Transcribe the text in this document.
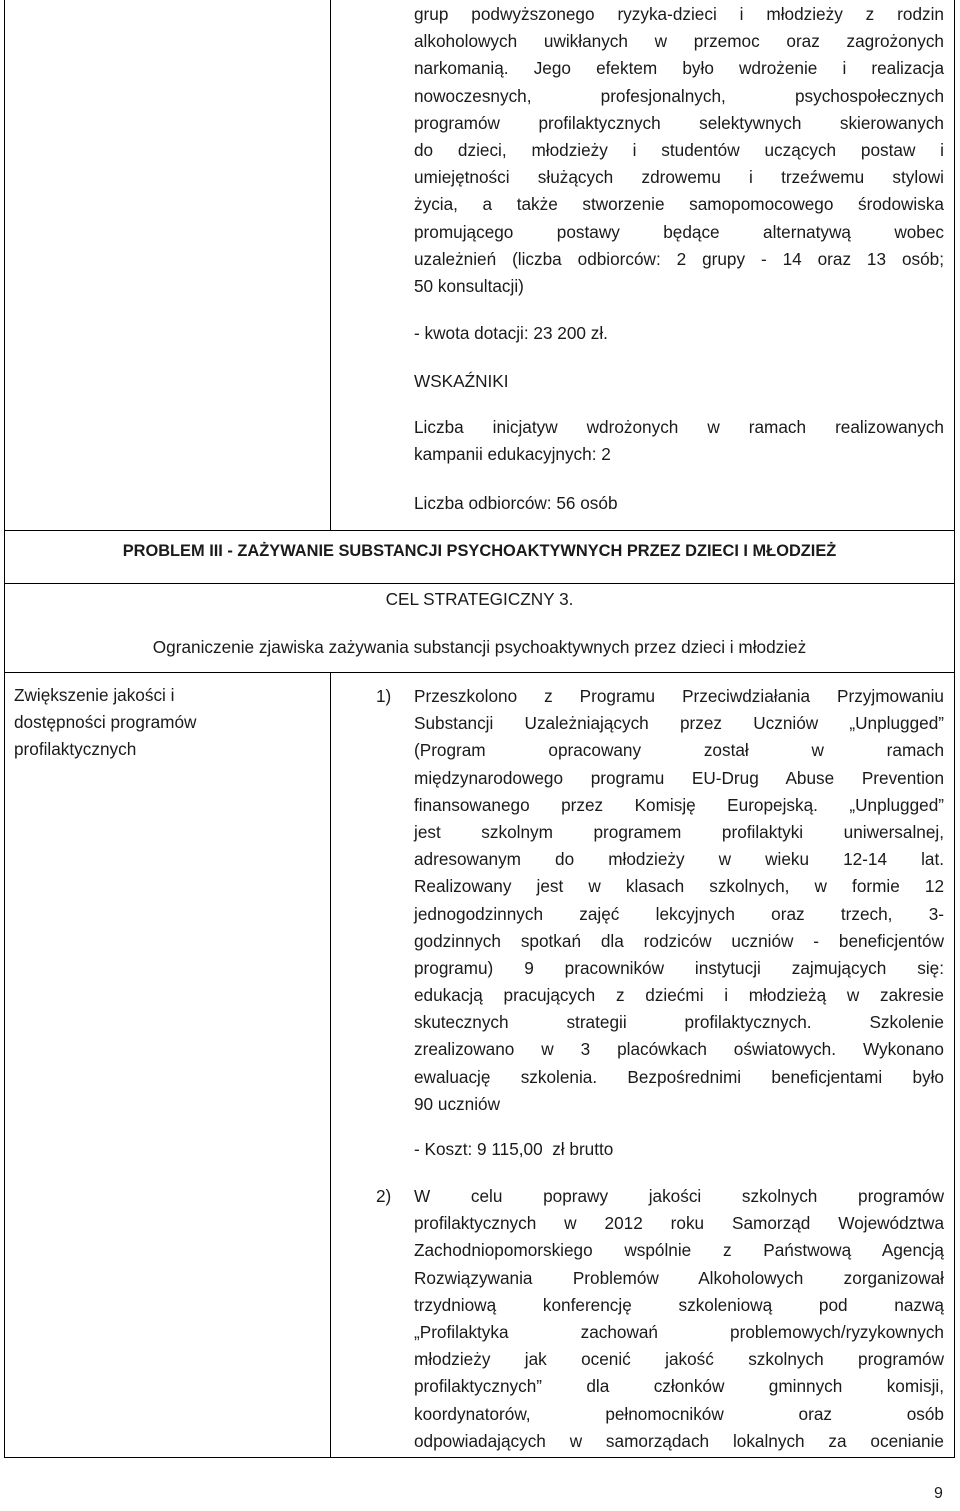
grup podwyższonego ryzyka-dzieci i młodzieży z rodzin
alkoholowych uwikłanych w przemoc oraz zagrożonych
narkomanią. Jego efektem było wdrożenie i realizacja
nowoczesnych, profesjonalnych, psychospołecznych
programów profilaktycznych selektywnych skierowanych
do dzieci, młodzieży i studentów uczących postaw i
umiejętności służących zdrowemu i trzeźwemu stylowi
życia, a także stworzenie samopomocowego środowiska
promującego postawy będące alternatywą wobec
uzależnień (liczba odbiorców: 2 grupy - 14 oraz 13 osób;
50 konsultacji)
- kwota dotacji: 23 200 zł.
WSKAŹNIKI
Liczba inicjatyw wdrożonych w ramach realizowanych
kampanii edukacyjnych: 2
Liczba odbiorców: 56 osób
PROBLEM III - ZAŻYWANIE SUBSTANCJI PSYCHOAKTYWNYCH PRZEZ DZIECI I MŁODZIEŻ
CEL STRATEGICZNY 3.
Ograniczenie zjawiska zażywania substancji psychoaktywnych przez dzieci i młodzież
Zwiększenie jakości i
dostępności programów
profilaktycznych
1) Przeszkolono z Programu Przeciwdziałania Przyjmowaniu
Substancji Uzależniających przez Uczniów „Unplugged”
(Program opracowany został w ramach
międzynarodowego programu EU-Drug Abuse Prevention
finansowanego przez Komisję Europejską. „Unplugged”
jest szkolnym programem profilaktyki uniwersalnej,
adresowanym do młodzieży w wieku 12-14 lat.
Realizowany jest w klasach szkolnych, w formie 12
jednogodzinnych zajęć lekcyjnych oraz trzech, 3-
godzinnych spotkań dla rodziców uczniów - beneficjentów
programu) 9 pracowników instytucji zajmujących się:
edukacją pracujących z dziećmi i młodzieżą w zakresie
skutecznych strategii profilaktycznych. Szkolenie
zrealizowano w 3 placówkach oświatowych. Wykonano
ewaluację szkolenia. Bezpośrednimi beneficjentami było
90 uczniów
- Koszt: 9 115,00  zł brutto
2) W celu poprawy jakości szkolnych programów
profilaktycznych w 2012 roku Samorząd Województwa
Zachodniopomorskiego wspólnie z Państwową Agencją
Rozwiązywania Problemów Alkoholowych zorganizował
trzydniową konferencję szkoleniową pod nazwą
„Profilaktyka zachowań problemowych/ryzykownych
młodzieży jak ocenić jakość szkolnych programów
profilaktycznych” dla członków gminnych komisji,
koordynatorów, pełnomocników oraz osób
odpowiadających w samorządach lokalnych za ocenianie
9
